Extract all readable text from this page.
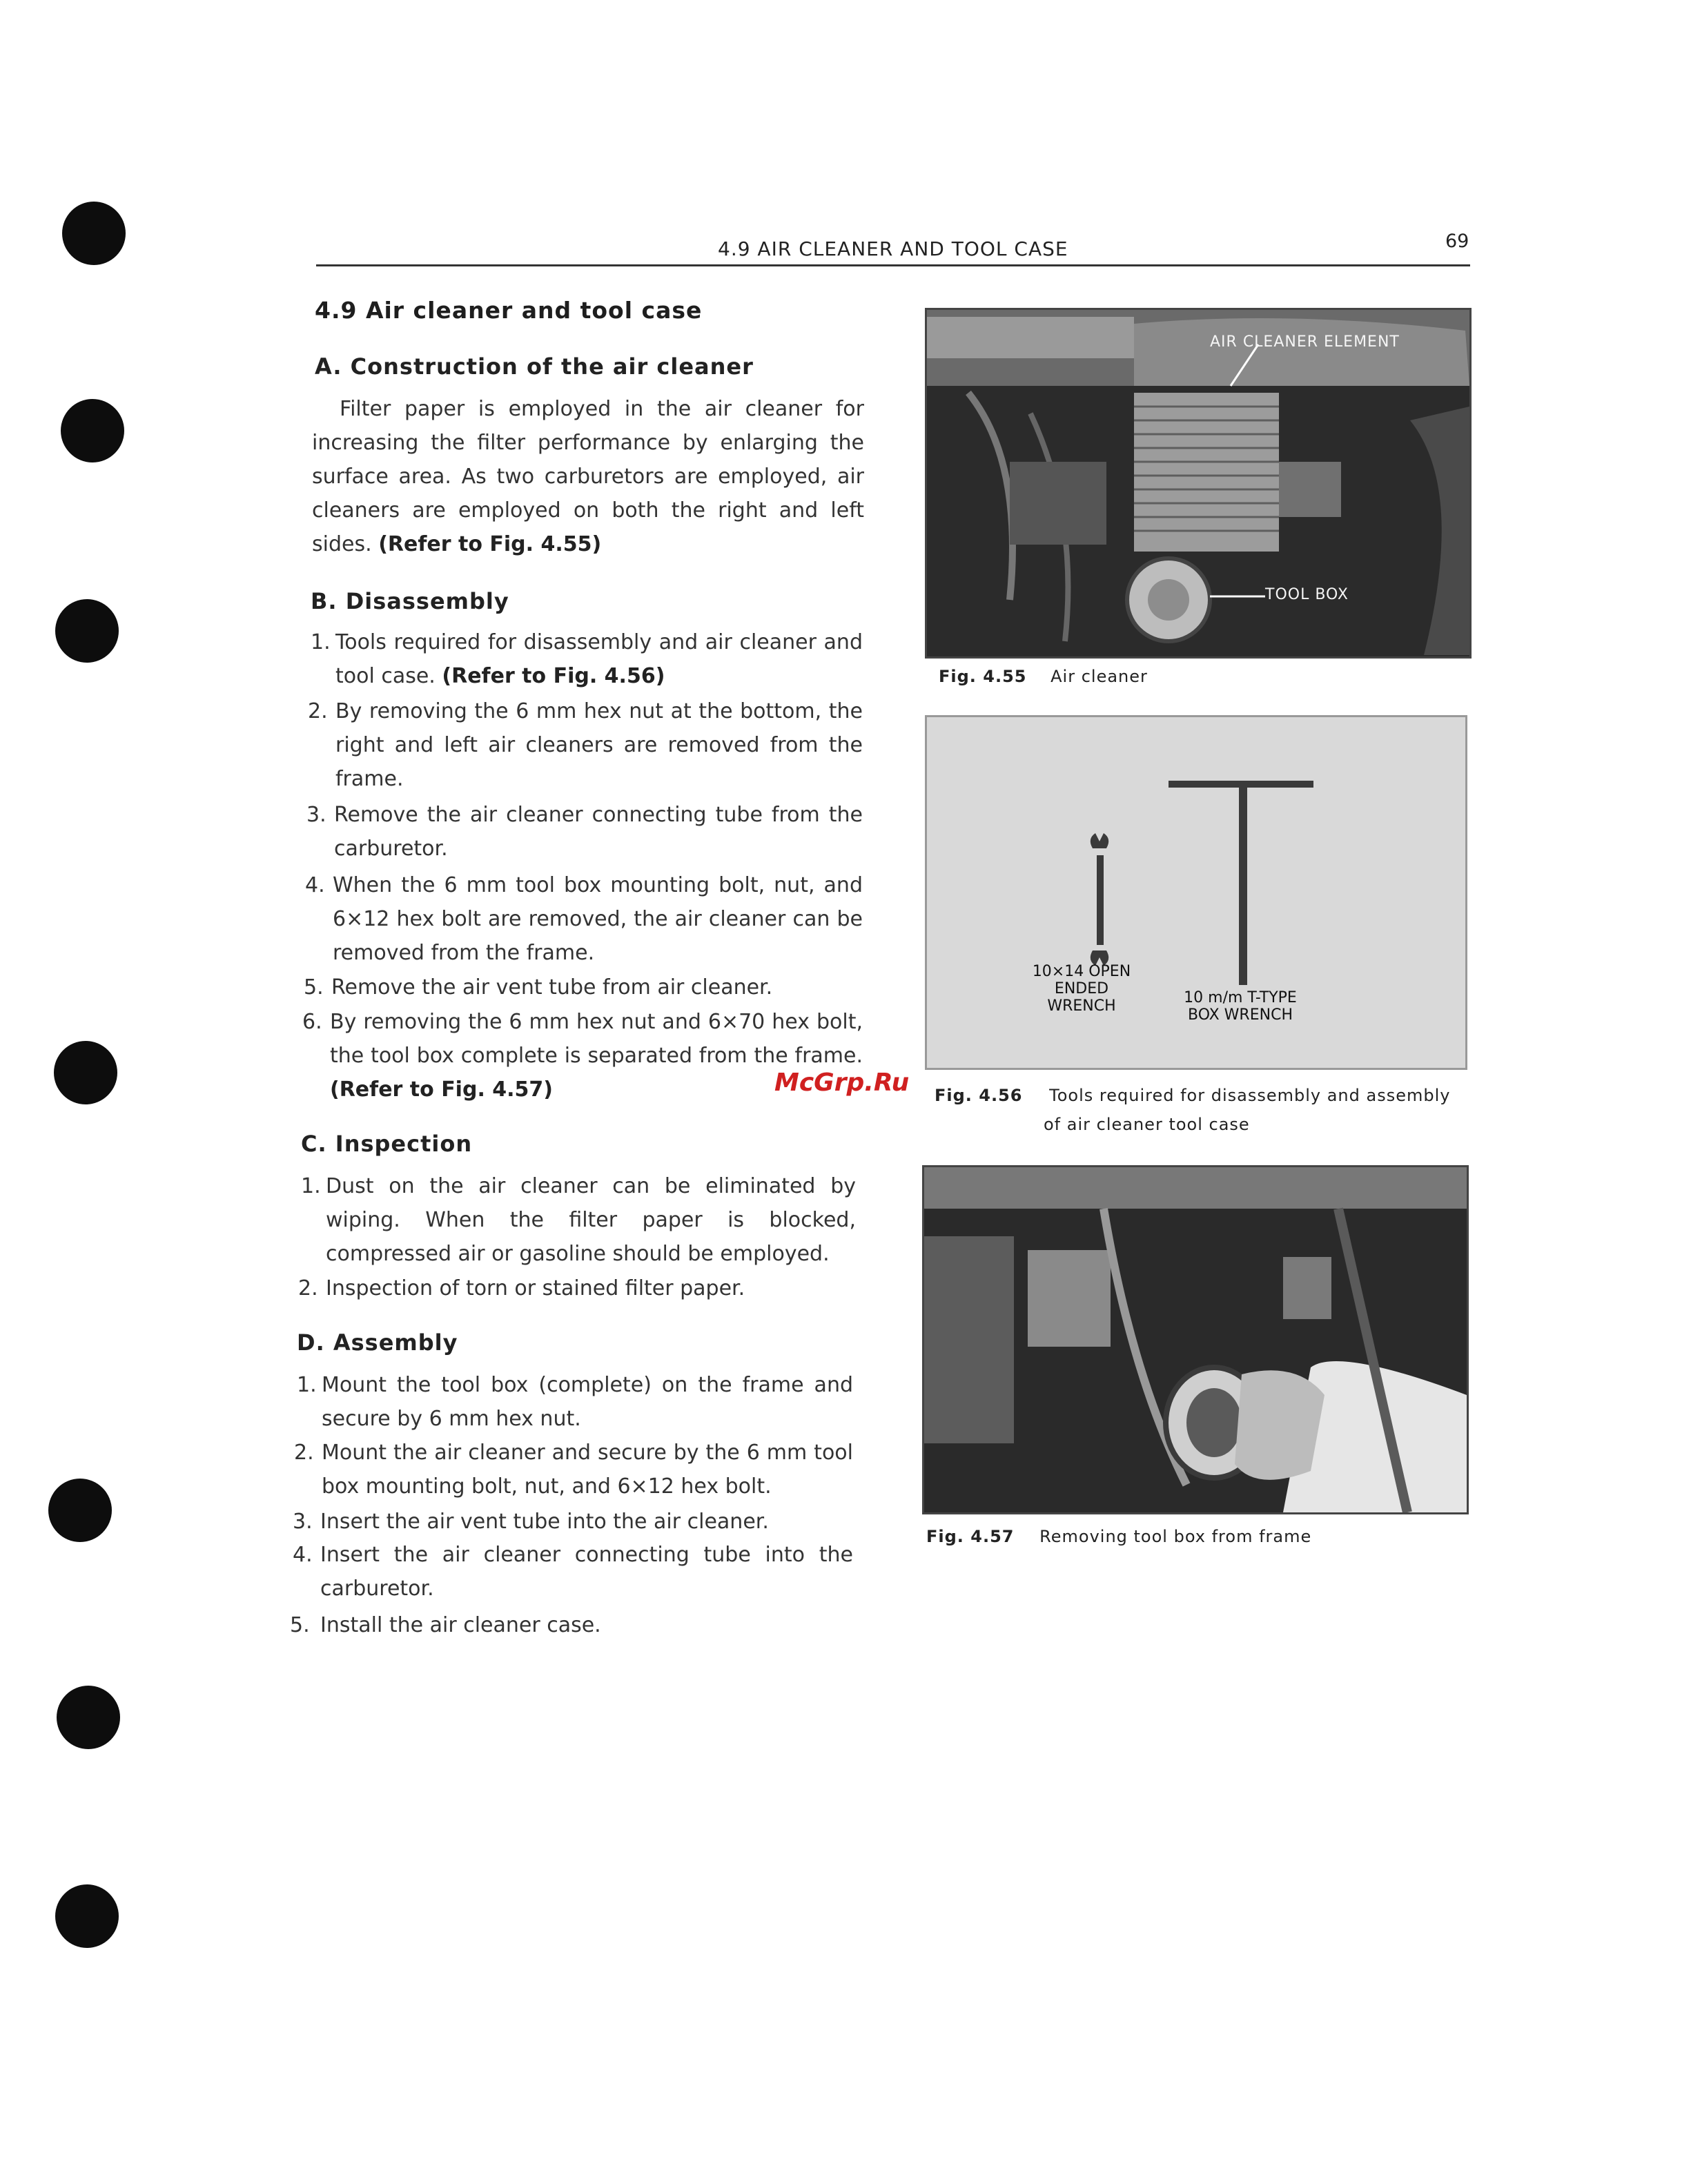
4.9 AIR CLEANER AND TOOL CASE	69
4.9 Air cleaner and tool case
A. Construction of the air cleaner
Filter paper is employed in the air cleaner for increasing the filter performance by enlarging the surface area. As two carburetors are employed, air cleaners are employed on both the right and left sides. (Refer to Fig. 4.55)
B. Disassembly
1. Tools required for disassembly and air cleaner and tool case. (Refer to Fig. 4.56)
2. By removing the 6 mm hex nut at the bottom, the right and left air cleaners are removed from the frame.
3. Remove the air cleaner connecting tube from the carburetor.
4. When the 6 mm tool box mounting bolt, nut, and 6×12 hex bolt are removed, the air cleaner can be removed from the frame.
5. Remove the air vent tube from air cleaner.
6. By removing the 6 mm hex nut and 6×70 hex bolt, the tool box complete is separated from the frame. (Refer to Fig. 4.57)
C. Inspection
1. Dust on the air cleaner can be eliminated by wiping. When the filter paper is blocked, compressed air or gasoline should be employed.
2. Inspection of torn or stained filter paper.
D. Assembly
1. Mount the tool box (complete) on the frame and secure by 6 mm hex nut.
2. Mount the air cleaner and secure by the 6 mm tool box mounting bolt, nut, and 6×12 hex bolt.
3. Insert the air vent tube into the air cleaner.
4. Insert the air cleaner connecting tube into the carburetor.
5. Install the air cleaner case.
McGrp.Ru
AIR CLEANER ELEMENT
TOOL BOX
Fig. 4.55 Air cleaner
10×14 OPEN
ENDED WRENCH	10 m/m T-TYPE
BOX WRENCH
Fig. 4.56 Tools required for disassembly and assembly
of air cleaner tool case
Fig. 4.57 Removing tool box from frame
